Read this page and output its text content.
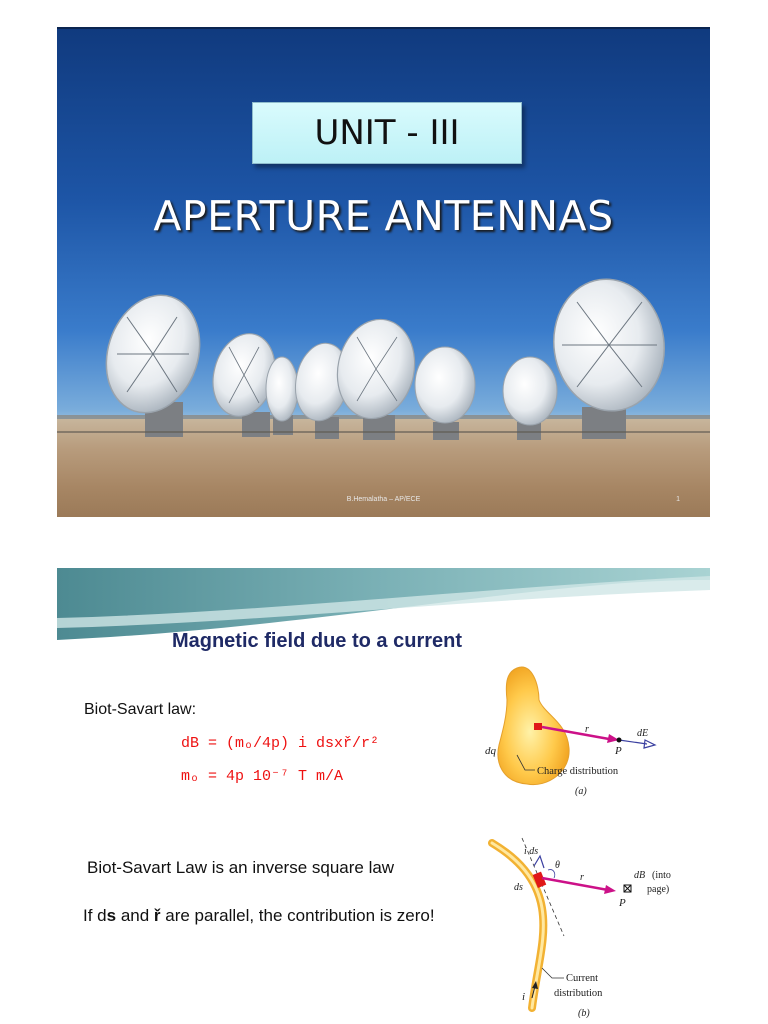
UNIT - III
APERTURE ANTENNAS
B.Hemalatha – AP/ECE	1
Magnetic field due to a current
Biot-Savart law:
dB = (mₒ/4p) i dsxř/r²
mₒ = 4p 10⁻⁷ T m/A
Biot-Savart Law is an inverse square law
If ds and ř are parallel, the contribution is zero!
r
P
dE
dq
Charge distribution
(a)
i ds
θ
r	dB (into
page)
P
ds
i
Current
distribution
(b)
